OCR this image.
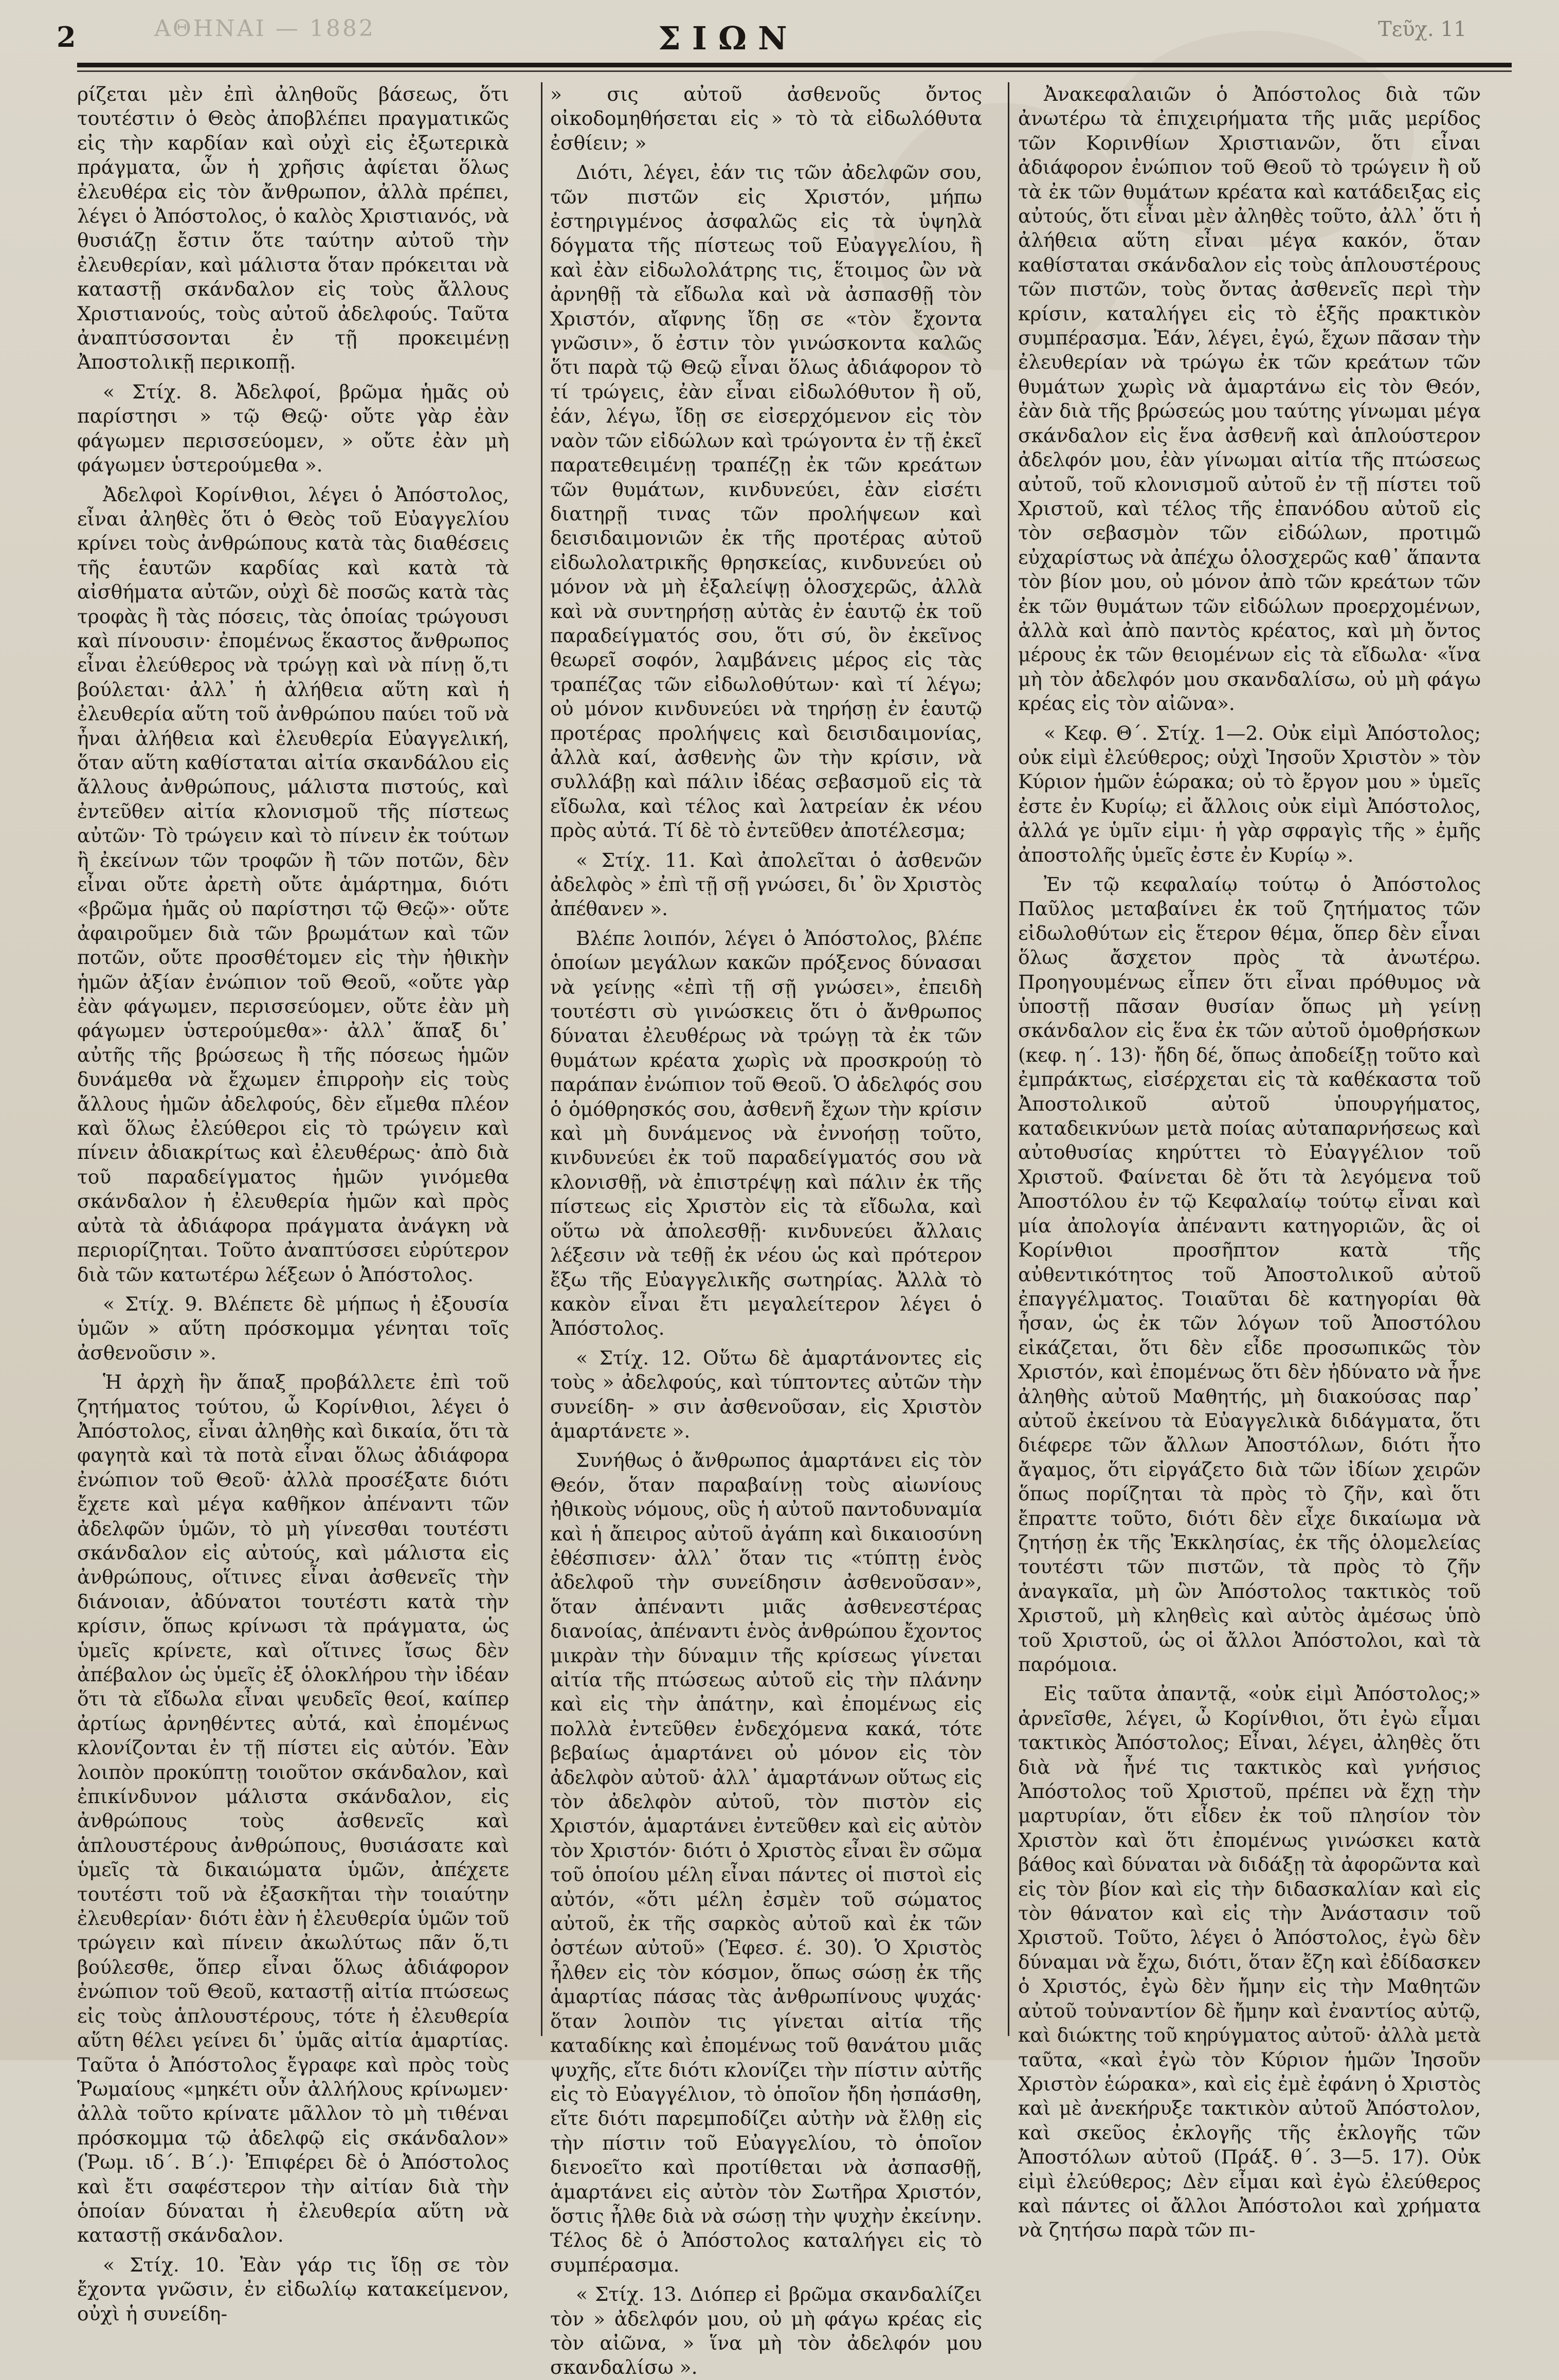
2	ΑΘΗΝΑΙ — 1882	ΣΙΩΝ	Τεῦχ. 11

ρίζεται μὲν ἐπὶ ἀληθοῦς βάσεως, ὅτι τουτέστιν ὁ Θεὸς ἀποβλέπει πραγματικῶς εἰς τὴν καρδίαν καὶ οὐχὶ εἰς ἐξωτερικὰ πράγματα, ὧν ἡ χρῆσις ἀφίεται ὅλως ἐλευθέρα εἰς τὸν ἄνθρωπον, ἀλλὰ πρέπει, λέγει ὁ Ἀπόστολος, ὁ καλὸς Χριστιανός, νὰ θυσιάζῃ ἔστιν ὅτε ταύτην αὐτοῦ τὴν ἐλευθερίαν, καὶ μάλιστα ὅταν πρόκειται νὰ καταστῇ σκάνδαλον εἰς τοὺς ἄλλους Χριστιανούς, τοὺς αὐτοῦ ἀδελφούς. Ταῦτα ἀναπτύσσονται ἐν τῇ προκειμένῃ Ἀποστολικῇ περικοπῇ.

« Στίχ. 8. Ἀδελφοί, βρῶμα ἡμᾶς οὐ παρίστησι » τῷ Θεῷ· οὔτε γὰρ ἐὰν φάγωμεν περισσεύομεν, » οὔτε ἐὰν μὴ φάγωμεν ὑστερούμεθα ».

Ἀδελφοὶ Κορίνθιοι, λέγει ὁ Ἀπόστολος, εἶναι ἀληθὲς ὅτι ὁ Θεὸς τοῦ Εὐαγγελίου κρίνει τοὺς ἀνθρώπους κατὰ τὰς διαθέσεις τῆς ἑαυτῶν καρδίας καὶ κατὰ τὰ αἰσθήματα αὐτῶν, οὐχὶ δὲ ποσῶς κατὰ τὰς τροφὰς ἢ τὰς πόσεις, τὰς ὁποίας τρώγουσι καὶ πίνουσιν· ἐπομένως ἕκαστος ἄνθρωπος εἶναι ἐλεύθερος νὰ τρώγῃ καὶ νὰ πίνῃ ὅ,τι βούλεται· ἀλλ᾽ ἡ ἀλήθεια αὕτη καὶ ἡ ἐλευθερία αὕτη τοῦ ἀνθρώπου παύει τοῦ νὰ ἦναι ἀλήθεια καὶ ἐλευθερία Εὐαγγελική, ὅταν αὕτη καθίσταται αἰτία σκανδάλου εἰς ἄλλους ἀνθρώπους, μάλιστα πιστούς, καὶ ἐντεῦθεν αἰτία κλονισμοῦ τῆς πίστεως αὐτῶν· Τὸ τρώγειν καὶ τὸ πίνειν ἐκ τούτων ἢ ἐκείνων τῶν τροφῶν ἢ τῶν ποτῶν, δὲν εἶναι οὔτε ἀρετὴ οὔτε ἁμάρτημα, διότι «βρῶμα ἡμᾶς οὐ παρίστησι τῷ Θεῷ»· οὔτε ἀφαιροῦμεν διὰ τῶν βρωμάτων καὶ τῶν ποτῶν, οὔτε προσθέτομεν εἰς τὴν ἠθικὴν ἡμῶν ἀξίαν ἐνώπιον τοῦ Θεοῦ, «οὔτε γὰρ ἐὰν φάγωμεν, περισσεύομεν, οὔτε ἐὰν μὴ φάγωμεν ὑστερούμεθα»· ἀλλ᾽ ἅπαξ δι᾽ αὐτῆς τῆς βρώσεως ἢ τῆς πόσεως ἡμῶν δυνάμεθα νὰ ἔχωμεν ἐπιρροὴν εἰς τοὺς ἄλλους ἡμῶν ἀδελφούς, δὲν εἴμεθα πλέον καὶ ὅλως ἐλεύθεροι εἰς τὸ τρώγειν καὶ πίνειν ἀδιακρίτως καὶ ἐλευθέρως· ἀπὸ διὰ τοῦ παραδείγματος ἡμῶν γινόμεθα σκάνδαλον ἡ ἐλευθερία ἡμῶν καὶ πρὸς αὐτὰ τὰ ἀδιάφορα πράγματα ἀνάγκη νὰ περιορίζηται. Τοῦτο ἀναπτύσσει εὐρύτερον διὰ τῶν κατωτέρω λέξεων ὁ Ἀπόστολος.

« Στίχ. 9. Βλέπετε δὲ μήπως ἡ ἐξουσία ὑμῶν » αὕτη πρόσκομμα γένηται τοῖς ἀσθενοῦσιν ».

Ἡ ἀρχὴ ἣν ἅπαξ προβάλλετε ἐπὶ τοῦ ζητήματος τούτου, ὦ Κορίνθιοι, λέγει ὁ Ἀπόστολος, εἶναι ἀληθὴς καὶ δικαία, ὅτι τὰ φαγητὰ καὶ τὰ ποτὰ εἶναι ὅλως ἀδιάφορα ἐνώπιον τοῦ Θεοῦ· ἀλλὰ προσέξατε διότι ἔχετε καὶ μέγα καθῆκον ἀπέναντι τῶν ἀδελφῶν ὑμῶν, τὸ μὴ γίνεσθαι τουτέστι σκάνδαλον εἰς αὐτούς, καὶ μάλιστα εἰς ἀνθρώπους, οἵτινες εἶναι ἀσθενεῖς τὴν διάνοιαν, ἀδύνατοι τουτέστι κατὰ τὴν κρίσιν, ὅπως κρίνωσι τὰ πράγματα, ὡς ὑμεῖς κρίνετε, καὶ οἵτινες ἴσως δὲν ἀπέβαλον ὡς ὑμεῖς ἐξ ὁλοκλήρου τὴν ἰδέαν ὅτι τὰ εἴδωλα εἶναι ψευδεῖς θεοί, καίπερ ἀρτίως ἀρνηθέντες αὐτά, καὶ ἐπομένως κλονίζονται ἐν τῇ πίστει εἰς αὐτόν. Ἐὰν λοιπὸν προκύπτῃ τοιοῦτον σκάνδαλον, καὶ ἐπικίνδυνον μάλιστα σκάνδαλον, εἰς ἀνθρώπους τοὺς ἀσθενεῖς καὶ ἁπλουστέρους ἀνθρώπους, θυσιάσατε καὶ ὑμεῖς τὰ δικαιώματα ὑμῶν, ἀπέχετε τουτέστι τοῦ νὰ ἐξασκῆται τὴν τοιαύτην ἐλευθερίαν· διότι ἐὰν ἡ ἐλευθερία ὑμῶν τοῦ τρώγειν καὶ πίνειν ἀκωλύτως πᾶν ὅ,τι βούλεσθε, ὅπερ εἶναι ὅλως ἀδιάφορον ἐνώπιον τοῦ Θεοῦ, καταστῇ αἰτία πτώσεως εἰς τοὺς ἁπλουστέρους, τότε ἡ ἐλευθερία αὕτη θέλει γείνει δι᾽ ὑμᾶς αἰτία ἁμαρτίας. Ταῦτα ὁ Ἀπόστολος ἔγραφε καὶ πρὸς τοὺς Ῥωμαίους «μηκέτι οὖν ἀλλήλους κρίνωμεν· ἀλλὰ τοῦτο κρίνατε μᾶλλον τὸ μὴ τιθέναι πρόσκομμα τῷ ἀδελφῷ εἰς σκάνδαλον» (Ῥωμ. ιδ΄. Β΄.)· Ἐπιφέρει δὲ ὁ Ἀπόστολος καὶ ἔτι σαφέστερον τὴν αἰτίαν διὰ τὴν ὁποίαν δύναται ἡ ἐλευθερία αὕτη νὰ καταστῇ σκάνδαλον.

« Στίχ. 10. Ἐὰν γάρ τις ἴδῃ σε τὸν ἔχοντα γνῶσιν, ἐν εἰδωλίῳ κατακείμενον, οὐχὶ ἡ συνείδη-

» σις αὐτοῦ ἀσθενοῦς ὄντος οἰκοδομηθήσεται εἰς » τὸ τὰ εἰδωλόθυτα ἐσθίειν; »

Διότι, λέγει, ἐάν τις τῶν ἀδελφῶν σου, τῶν πιστῶν εἰς Χριστόν, μήπω ἐστηριγμένος ἀσφαλῶς εἰς τὰ ὑψηλὰ δόγματα τῆς πίστεως τοῦ Εὐαγγελίου, ἢ καὶ ἐὰν εἰδωλολάτρης τις, ἕτοιμος ὢν νὰ ἀρνηθῇ τὰ εἴδωλα καὶ νὰ ἀσπασθῇ τὸν Χριστόν, αἴφνης ἴδῃ σε «τὸν ἔχοντα γνῶσιν», ὅ ἐστιν τὸν γινώσκοντα καλῶς ὅτι παρὰ τῷ Θεῷ εἶναι ὅλως ἀδιάφορον τὸ τί τρώγεις, ἐὰν εἶναι εἰδωλόθυτον ἢ οὔ, ἐάν, λέγω, ἴδῃ σε εἰσερχόμενον εἰς τὸν ναὸν τῶν εἰδώλων καὶ τρώγοντα ἐν τῇ ἐκεῖ παρατεθειμένῃ τραπέζῃ ἐκ τῶν κρεάτων τῶν θυμάτων, κινδυνεύει, ἐὰν εἰσέτι διατηρῇ τινας τῶν προλήψεων καὶ δεισιδαιμονιῶν ἐκ τῆς προτέρας αὐτοῦ εἰδωλολατρικῆς θρησκείας, κινδυνεύει οὐ μόνον νὰ μὴ ἐξαλείψῃ ὁλοσχερῶς, ἀλλὰ καὶ νὰ συντηρήσῃ αὐτὰς ἐν ἑαυτῷ ἐκ τοῦ παραδείγματός σου, ὅτι σύ, ὃν ἐκεῖνος θεωρεῖ σοφόν, λαμβάνεις μέρος εἰς τὰς τραπέζας τῶν εἰδωλοθύτων· καὶ τί λέγω; οὐ μόνον κινδυνεύει νὰ τηρήσῃ ἐν ἑαυτῷ προτέρας προλήψεις καὶ δεισιδαιμονίας, ἀλλὰ καί, ἀσθενὴς ὢν τὴν κρίσιν, νὰ συλλάβῃ καὶ πάλιν ἰδέας σεβασμοῦ εἰς τὰ εἴδωλα, καὶ τέλος καὶ λατρείαν ἐκ νέου πρὸς αὐτά. Τί δὲ τὸ ἐντεῦθεν ἀποτέλεσμα;

« Στίχ. 11. Καὶ ἀπολεῖται ὁ ἀσθενῶν ἀδελφὸς » ἐπὶ τῇ σῇ γνώσει, δι᾽ ὃν Χριστὸς ἀπέθανεν ».

Βλέπε λοιπόν, λέγει ὁ Ἀπόστολος, βλέπε ὁποίων μεγάλων κακῶν πρόξενος δύνασαι νὰ γείνῃς «ἐπὶ τῇ σῇ γνώσει», ἐπειδὴ τουτέστι σὺ γινώσκεις ὅτι ὁ ἄνθρωπος δύναται ἐλευθέρως νὰ τρώγῃ τὰ ἐκ τῶν θυμάτων κρέατα χωρὶς νὰ προσκρούῃ τὸ παράπαν ἐνώπιον τοῦ Θεοῦ. Ὁ ἀδελφός σου ὁ ὁμόθρησκός σου, ἀσθενῆ ἔχων τὴν κρίσιν καὶ μὴ δυνάμενος νὰ ἐννοήσῃ τοῦτο, κινδυνεύει ἐκ τοῦ παραδείγματός σου νὰ κλονισθῇ, νὰ ἐπιστρέψῃ καὶ πάλιν ἐκ τῆς πίστεως εἰς Χριστὸν εἰς τὰ εἴδωλα, καὶ οὕτω νὰ ἀπολεσθῇ· κινδυνεύει ἄλλαις λέξεσιν νὰ τεθῇ ἐκ νέου ὡς καὶ πρότερον ἔξω τῆς Εὐαγγελικῆς σωτηρίας. Ἀλλὰ τὸ κακὸν εἶναι ἔτι μεγαλείτερον λέγει ὁ Ἀπόστολος.

« Στίχ. 12. Οὕτω δὲ ἁμαρτάνοντες εἰς τοὺς » ἀδελφούς, καὶ τύπτοντες αὐτῶν τὴν συνείδη- » σιν ἀσθενοῦσαν, εἰς Χριστὸν ἁμαρτάνετε ».

Συνήθως ὁ ἄνθρωπος ἁμαρτάνει εἰς τὸν Θεόν, ὅταν παραβαίνῃ τοὺς αἰωνίους ἠθικοὺς νόμους, οὓς ἡ αὐτοῦ παντοδυναμία καὶ ἡ ἄπειρος αὐτοῦ ἀγάπη καὶ δικαιοσύνη ἐθέσπισεν· ἀλλ᾽ ὅταν τις «τύπτῃ ἑνὸς ἀδελφοῦ τὴν συνείδησιν ἀσθενοῦσαν», ὅταν ἀπέναντι μιᾶς ἀσθενεστέρας διανοίας, ἀπέναντι ἑνὸς ἀνθρώπου ἔχοντος μικρὰν τὴν δύναμιν τῆς κρίσεως γίνεται αἰτία τῆς πτώσεως αὐτοῦ εἰς τὴν πλάνην καὶ εἰς τὴν ἀπάτην, καὶ ἐπομένως εἰς πολλὰ ἐντεῦθεν ἐνδεχόμενα κακά, τότε βεβαίως ἁμαρτάνει οὐ μόνον εἰς τὸν ἀδελφὸν αὐτοῦ· ἀλλ᾽ ἁμαρτάνων οὕτως εἰς τὸν ἀδελφὸν αὐτοῦ, τὸν πιστὸν εἰς Χριστόν, ἁμαρτάνει ἐντεῦθεν καὶ εἰς αὐτὸν τὸν Χριστόν· διότι ὁ Χριστὸς εἶναι ἓν σῶμα τοῦ ὁποίου μέλη εἶναι πάντες οἱ πιστοὶ εἰς αὐτόν, «ὅτι μέλη ἐσμὲν τοῦ σώματος αὐτοῦ, ἐκ τῆς σαρκὸς αὐτοῦ καὶ ἐκ τῶν ὀστέων αὐτοῦ» (Ἐφεσ. έ. 30). Ὁ Χριστὸς ἦλθεν εἰς τὸν κόσμον, ὅπως σώσῃ ἐκ τῆς ἁμαρτίας πάσας τὰς ἀνθρωπίνους ψυχάς· ὅταν λοιπὸν τις γίνεται αἰτία τῆς καταδίκης καὶ ἐπομένως τοῦ θανάτου μιᾶς ψυχῆς, εἴτε διότι κλονίζει τὴν πίστιν αὐτῆς εἰς τὸ Εὐαγγέλιον, τὸ ὁποῖον ἤδη ἠσπάσθη, εἴτε διότι παρεμποδίζει αὐτὴν νὰ ἔλθῃ εἰς τὴν πίστιν τοῦ Εὐαγγελίου, τὸ ὁποῖον διενοεῖτο καὶ προτίθεται νὰ ἀσπασθῇ, ἁμαρτάνει εἰς αὐτὸν τὸν Σωτῆρα Χριστόν, ὅστις ἦλθε διὰ νὰ σώσῃ τὴν ψυχὴν ἐκείνην. Τέλος δὲ ὁ Ἀπόστολος καταλήγει εἰς τὸ συμπέρασμα.

« Στίχ. 13. Διόπερ εἰ βρῶμα σκανδαλίζει τὸν » ἀδελφόν μου, οὐ μὴ φάγω κρέας εἰς τὸν αἰῶνα, » ἵνα μὴ τὸν ἀδελφόν μου σκανδαλίσω ».

Ἀνακεφαλαιῶν ὁ Ἀπόστολος διὰ τῶν ἀνωτέρω τὰ ἐπιχειρήματα τῆς μιᾶς μερίδος τῶν Κορινθίων Χριστιανῶν, ὅτι εἶναι ἀδιάφορον ἐνώπιον τοῦ Θεοῦ τὸ τρώγειν ἢ οὔ τὰ ἐκ τῶν θυμάτων κρέατα καὶ κατάδειξας εἰς αὐτούς, ὅτι εἶναι μὲν ἀληθὲς τοῦτο, ἀλλ᾽ ὅτι ἡ ἀλήθεια αὕτη εἶναι μέγα κακόν, ὅταν καθίσταται σκάνδαλον εἰς τοὺς ἁπλουστέρους τῶν πιστῶν, τοὺς ὄντας ἀσθενεῖς περὶ τὴν κρίσιν, καταλήγει εἰς τὸ ἑξῆς πρακτικὸν συμπέρασμα. Ἐάν, λέγει, ἐγώ, ἔχων πᾶσαν τὴν ἐλευθερίαν νὰ τρώγω ἐκ τῶν κρεάτων τῶν θυμάτων χωρὶς νὰ ἁμαρτάνω εἰς τὸν Θεόν, ἐὰν διὰ τῆς βρώσεώς μου ταύτης γίνωμαι μέγα σκάνδαλον εἰς ἕνα ἀσθενῆ καὶ ἁπλούστερον ἀδελφόν μου, ἐὰν γίνωμαι αἰτία τῆς πτώσεως αὐτοῦ, τοῦ κλονισμοῦ αὐτοῦ ἐν τῇ πίστει τοῦ Χριστοῦ, καὶ τέλος τῆς ἐπανόδου αὐτοῦ εἰς τὸν σεβασμὸν τῶν εἰδώλων, προτιμῶ εὐχαρίστως νὰ ἀπέχω ὁλοσχερῶς καθ᾽ ἅπαντα τὸν βίον μου, οὐ μόνον ἀπὸ τῶν κρεάτων τῶν ἐκ τῶν θυμάτων τῶν εἰδώλων προερχομένων, ἀλλὰ καὶ ἀπὸ παντὸς κρέατος, καὶ μὴ ὄντος μέρους ἐκ τῶν θειομένων εἰς τὰ εἴδωλα· «ἵνα μὴ τὸν ἀδελφόν μου σκανδαλίσω, οὐ μὴ φάγω κρέας εἰς τὸν αἰῶνα».

« Κεφ. Θ΄. Στίχ. 1—2. Οὐκ εἰμὶ Ἀπόστολος; οὐκ εἰμὶ ἐλεύθερος; οὐχὶ Ἰησοῦν Χριστὸν » τὸν Κύριον ἡμῶν ἑώρακα; οὐ τὸ ἔργον μου » ὑμεῖς ἐστε ἐν Κυρίῳ; εἰ ἄλλοις οὐκ εἰμὶ Ἀπόστολος, ἀλλά γε ὑμῖν εἰμι· ἡ γὰρ σφραγὶς τῆς » ἐμῆς ἀποστολῆς ὑμεῖς ἐστε ἐν Κυρίῳ ».

Ἐν τῷ κεφαλαίῳ τούτῳ ὁ Ἀπόστολος Παῦλος μεταβαίνει ἐκ τοῦ ζητήματος τῶν εἰδωλοθύτων εἰς ἕτερον θέμα, ὅπερ δὲν εἶναι ὅλως ἄσχετον πρὸς τὰ ἀνωτέρω. Προηγουμένως εἶπεν ὅτι εἶναι πρόθυμος νὰ ὑποστῇ πᾶσαν θυσίαν ὅπως μὴ γείνῃ σκάνδαλον εἰς ἕνα ἐκ τῶν αὐτοῦ ὁμοθρήσκων (κεφ. η΄. 13)· ἤδη δέ, ὅπως ἀποδείξῃ τοῦτο καὶ ἐμπράκτως, εἰσέρχεται εἰς τὰ καθέκαστα τοῦ Ἀποστολικοῦ αὐτοῦ ὑπουργήματος, καταδεικνύων μετὰ ποίας αὐταπαρνήσεως καὶ αὐτοθυσίας κηρύττει τὸ Εὐαγγέλιον τοῦ Χριστοῦ. Φαίνεται δὲ ὅτι τὰ λεγόμενα τοῦ Ἀποστόλου ἐν τῷ Κεφαλαίῳ τούτῳ εἶναι καὶ μία ἀπολογία ἀπέναντι κατηγοριῶν, ἃς οἱ Κορίνθιοι προσῆπτον κατὰ τῆς αὐθεντικότητος τοῦ Ἀποστολικοῦ αὐτοῦ ἐπαγγέλματος. Τοιαῦται δὲ κατηγορίαι θὰ ἦσαν, ὡς ἐκ τῶν λόγων τοῦ Ἀποστόλου εἰκάζεται, ὅτι δὲν εἶδε προσωπικῶς τὸν Χριστόν, καὶ ἐπομένως ὅτι δὲν ἠδύνατο νὰ ἦνε ἀληθὴς αὐτοῦ Μαθητής, μὴ διακούσας παρ᾽ αὐτοῦ ἐκείνου τὰ Εὐαγγελικὰ διδάγματα, ὅτι διέφερε τῶν ἄλλων Ἀποστόλων, διότι ἦτο ἄγαμος, ὅτι εἰργάζετο διὰ τῶν ἰδίων χειρῶν ὅπως πορίζηται τὰ πρὸς τὸ ζῆν, καὶ ὅτι ἔπραττε τοῦτο, διότι δὲν εἶχε δικαίωμα νὰ ζητήσῃ ἐκ τῆς Ἐκκλησίας, ἐκ τῆς ὁλομελείας τουτέστι τῶν πιστῶν, τὰ πρὸς τὸ ζῆν ἀναγκαῖα, μὴ ὢν Ἀπόστολος τακτικὸς τοῦ Χριστοῦ, μὴ κληθεὶς καὶ αὐτὸς ἀμέσως ὑπὸ τοῦ Χριστοῦ, ὡς οἱ ἄλλοι Ἀπόστολοι, καὶ τὰ παρόμοια.

Εἰς ταῦτα ἀπαντᾷ, «οὐκ εἰμὶ Ἀπόστολος;» ἀρνεῖσθε, λέγει, ὦ Κορίνθιοι, ὅτι ἐγὼ εἶμαι τακτικὸς Ἀπόστολος; Εἶναι, λέγει, ἀληθὲς ὅτι διὰ νὰ ἦνέ τις τακτικὸς καὶ γνήσιος Ἀπόστολος τοῦ Χριστοῦ, πρέπει νὰ ἔχῃ τὴν μαρτυρίαν, ὅτι εἶδεν ἐκ τοῦ πλησίον τὸν Χριστὸν καὶ ὅτι ἐπομένως γινώσκει κατὰ βάθος καὶ δύναται νὰ διδάξῃ τὰ ἀφορῶντα καὶ εἰς τὸν βίον καὶ εἰς τὴν διδασκαλίαν καὶ εἰς τὸν θάνατον καὶ εἰς τὴν Ἀνάστασιν τοῦ Χριστοῦ. Τοῦτο, λέγει ὁ Ἀπόστολος, ἐγὼ δὲν δύναμαι νὰ ἔχω, διότι, ὅταν ἔζη καὶ ἐδίδασκεν ὁ Χριστός, ἐγὼ δὲν ἤμην εἰς τὴν Μαθητῶν αὐτοῦ τοὐναντίον δὲ ἤμην καὶ ἐναντίος αὐτῷ, καὶ διώκτης τοῦ κηρύγματος αὐτοῦ· ἀλλὰ μετὰ ταῦτα, «καὶ ἐγὼ τὸν Κύριον ἡμῶν Ἰησοῦν Χριστὸν ἑώρακα», καὶ εἰς ἐμὲ ἐφάνη ὁ Χριστὸς καὶ μὲ ἀνεκήρυξε τακτικὸν αὐτοῦ Ἀπόστολον, καὶ σκεῦος ἐκλογῆς τῆς ἐκλογῆς τῶν Ἀποστόλων αὐτοῦ (Πράξ. θ΄. 3—5. 17). Οὐκ εἰμὶ ἐλεύθερος; Δὲν εἶμαι καὶ ἐγὼ ἐλεύθερος καὶ πάντες οἱ ἄλλοι Ἀπόστολοι καὶ χρήματα νὰ ζητήσω παρὰ τῶν πι-
